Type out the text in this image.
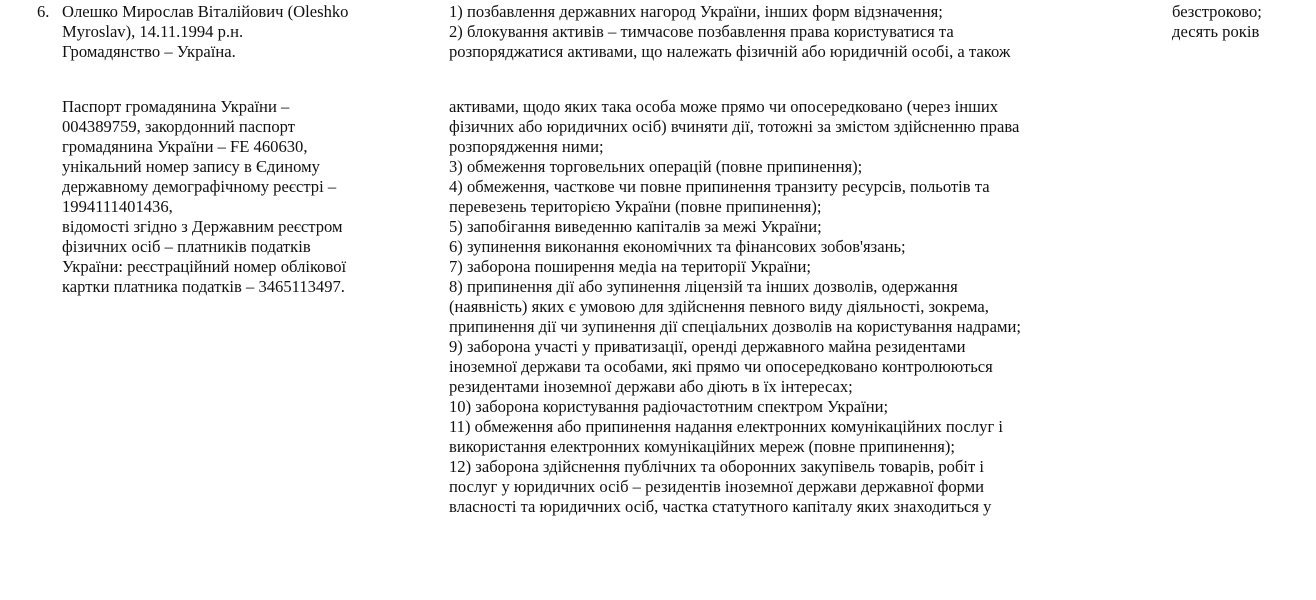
6. Олешко Мирослав Віталійович (Oleshko
Myroslav), 14.11.1994 р.н.
Громадянство – Україна.
Паспорт громадянина України –
004389759, закордонний паспорт
громадянина України – FE 460630,
унікальний номер запису в Єдиному
державному демографічному реєстрі –
1994111401436,
відомості згідно з Державним реєстром
фізичних осіб – платників податків
України: реєстраційний номер облікової
картки платника податків – 3465113497.
1) позбавлення державних нагород України, інших форм відзначення;
2) блокування активів – тимчасове позбавлення права користуватися та
розпоряджатися активами, що належать фізичній або юридичній особі, а також
активами, щодо яких така особа може прямо чи опосередковано (через інших
фізичних або юридичних осіб) вчиняти дії, тотожні за змістом здійсненню права
розпорядження ними;
3) обмеження торговельних операцій (повне припинення);
4) обмеження, часткове чи повне припинення транзиту ресурсів, польотів та
перевезень територією України (повне припинення);
5) запобігання виведенню капіталів за межі України;
6) зупинення виконання економічних та фінансових зобов'язань;
7) заборона поширення медіа на території України;
8) припинення дії або зупинення ліцензій та інших дозволів, одержання
(наявність) яких є умовою для здійснення певного виду діяльності, зокрема,
припинення дії чи зупинення дії спеціальних дозволів на користування надрами;
9) заборона участі у приватизації, оренді державного майна резидентами
іноземної держави та особами, які прямо чи опосередковано контролюються
резидентами іноземної держави або діють в їх інтересах;
10) заборона користування радіочастотним спектром України;
11) обмеження або припинення надання електронних комунікаційних послуг і
використання електронних комунікаційних мереж (повне припинення);
12) заборона здійснення публічних та оборонних закупівель товарів, робіт і
послуг у юридичних осіб – резидентів іноземної держави державної форми
власності та юридичних осіб, частка статутного капіталу яких знаходиться у
безстроково;
десять років
